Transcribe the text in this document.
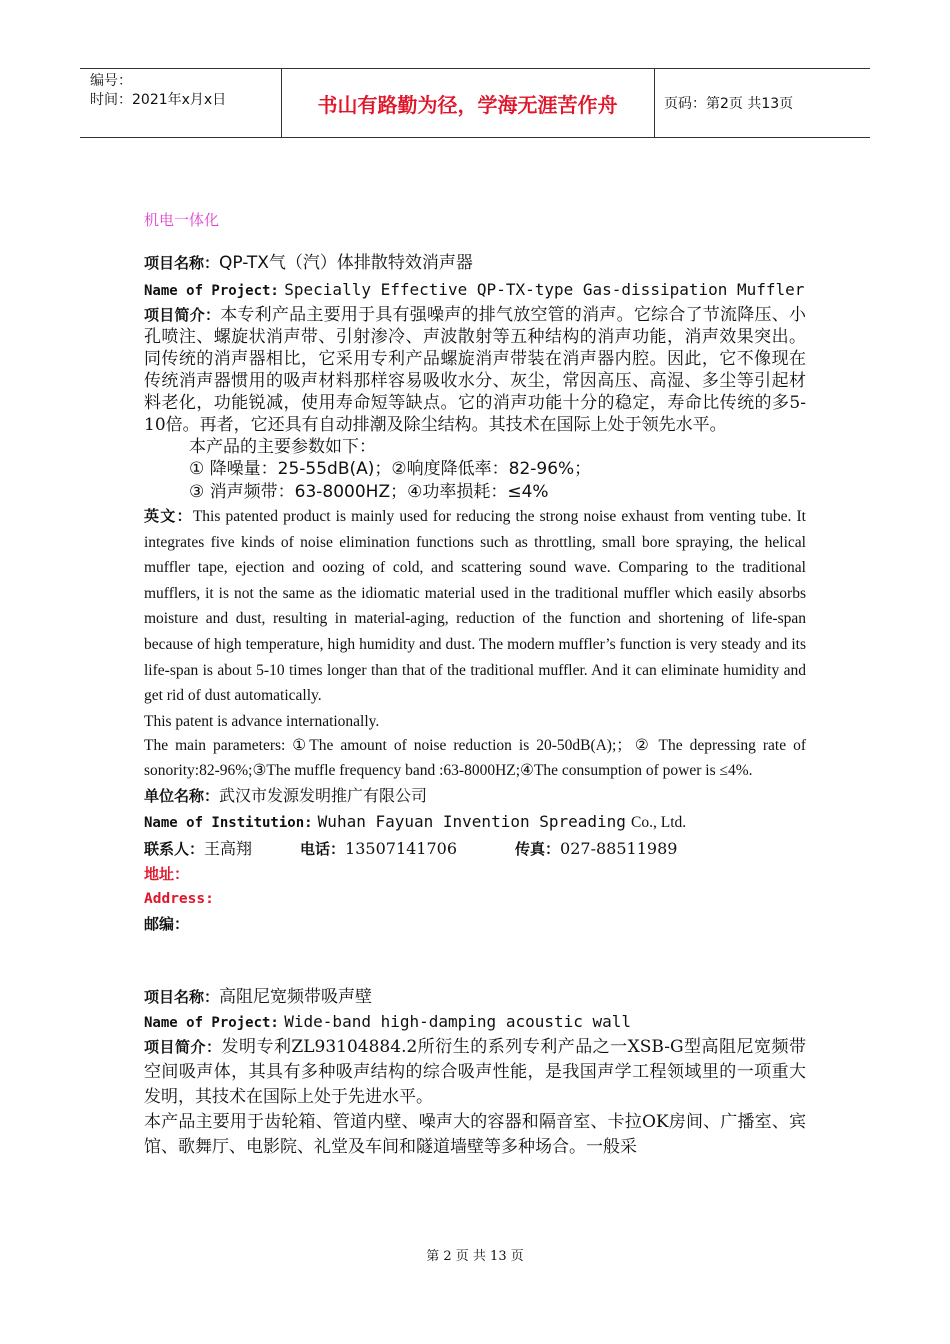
编号：
时间：2021年x月x日	书山有路勤为径，学海无涯苦作舟	页码：第2页 共13页
机电一体化

项目名称：QP-TX气（汽）体排散特效消声器

Name of Project: Specially Effective QP-TX-type Gas-dissipation Muffler

项目简介：本专利产品主要用于具有强噪声的排气放空管的消声。它综合了节流降压、小孔喷注、螺旋状消声带、引射渗冷、声波散射等五种结构的消声功能，消声效果突出。同传统的消声器相比，它采用专利产品螺旋消声带装在消声器内腔。因此，它不像现在传统消声器惯用的吸声材料那样容易吸收水分、灰尘，常因高压、高湿、多尘等引起材料老化，功能锐减，使用寿命短等缺点。它的消声功能十分的稳定，寿命比传统的多5-10倍。再者，它还具有自动排潮及除尘结构。其技术在国际上处于领先水平。

本产品的主要参数如下：

① 降噪量：25-55dB(A)；②响度降低率：82-96%；

③ 消声频带：63-8000HZ；④功率损耗：≤4%

英文：This patented product is mainly used for reducing the strong noise exhaust from venting tube. It integrates five kinds of noise elimination functions such as throttling, small bore spraying, the helical muffler tape, ejection and oozing of cold, and scattering sound wave. Comparing to the traditional mufflers, it is not the same as the idiomatic material used in the traditional muffler which easily absorbs moisture and dust, resulting in material-aging, reduction of the function and shortening of life-span because of high temperature, high humidity and dust. The modern muffler’s function is very steady and its life-span is about 5-10 times longer than that of the traditional muffler. And it can eliminate humidity and get rid of dust automatically.

This patent is advance internationally.

The main parameters: ①The amount of noise reduction is 20-50dB(A);；② The depressing rate of sonority:82-96%;③The muffle frequency band :63-8000HZ;④The consumption of power is ≤4%.

单位名称：武汉市发源发明推广有限公司

Name of Institution: Wuhan Fayuan Invention Spreading Co., Ltd.

联系人：王高翔	电话：13507141706	传真：027-88511989

地址：

Address:

邮编：

项目名称：高阻尼宽频带吸声壁

Name of Project: Wide-band high-damping acoustic wall

项目简介：发明专利ZL93104884.2所衍生的系列专利产品之一XSB-G型高阻尼宽频带空间吸声体，其具有多种吸声结构的综合吸声性能，是我国声学工程领域里的一项重大发明，其技术在国际上处于先进水平。

本产品主要用于齿轮箱、管道内壁、噪声大的容器和隔音室、卡拉OK房间、广播室、宾馆、歌舞厅、电影院、礼堂及车间和隧道墙壁等多种场合。一般采

第 2 页 共 13 页
